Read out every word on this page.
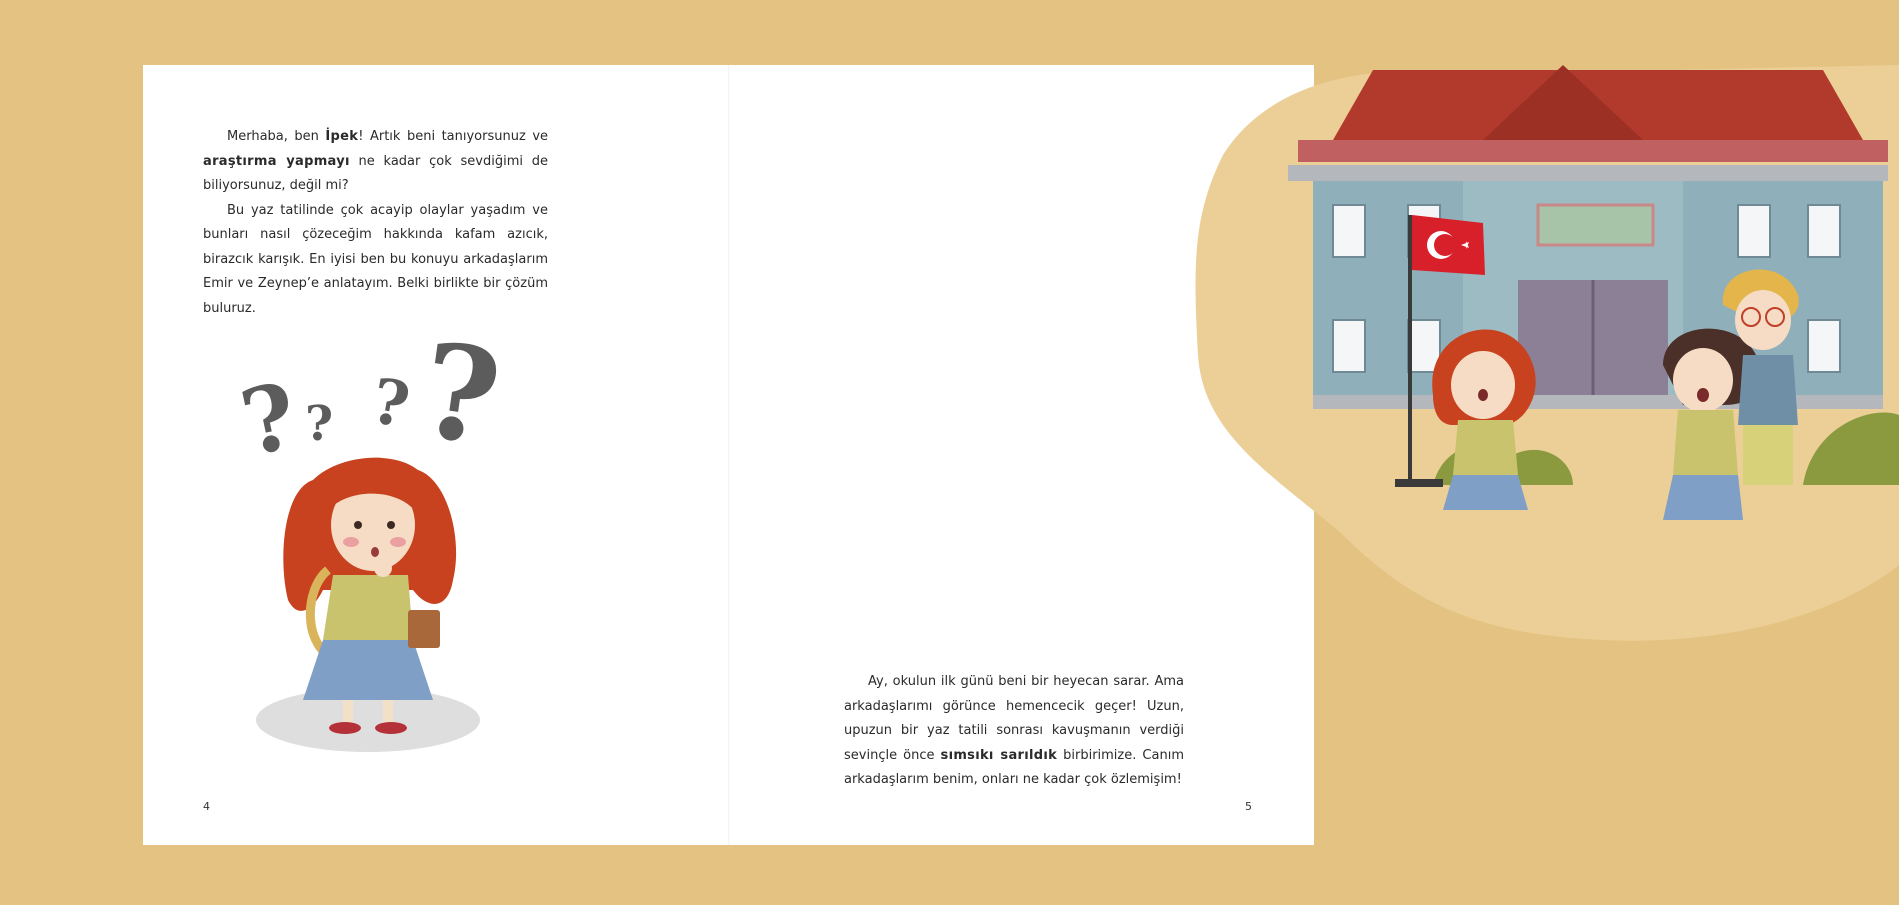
Merhaba, ben İpek! Artık beni tanıyorsunuz ve araştırma yapmayı ne kadar çok sevdiğimi de biliyorsunuz, değil mi?

Bu yaz tatilinde çok acayip olaylar yaşadım ve bunları nasıl çözeceğim hakkında kafam azıcık, birazcık karışık. En iyisi ben bu konuyu arkadaşlarım Emir ve Zeynep’e anlatayım. Belki birlikte bir çözüm buluruz.

?
? ?
?
4

Ay, okulun ilk günü beni bir heyecan sarar. Ama arkadaşlarımı görünce hemencecik geçer! Uzun, upuzun bir yaz tatili sonrası kavuşmanın verdiği sevinçle önce sımsıkı sarıldık birbirimize. Canım arkadaşlarım benim, onları ne kadar çok özlemişim!

5
